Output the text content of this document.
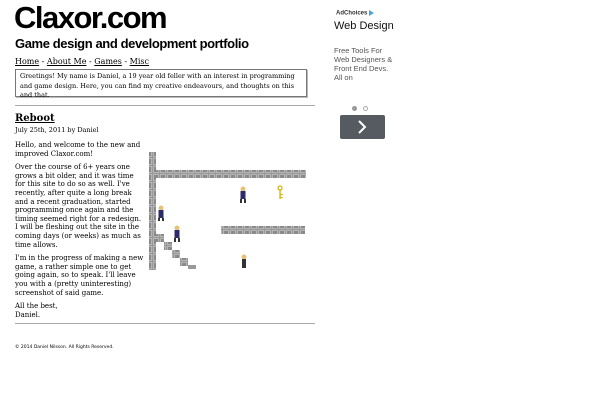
Claxor.com
Game design and development portfolio
Home - About Me - Games - Misc
Greetings! My name is Daniel, a 19 year old feller with an interest in programming and game design. Here, you can find my creative endeavours, and thoughts on this and that.
Reboot
July 25th, 2011 by Daniel

Hello, and welcome to the new and improved Claxor.com!

Over the course of 6+ years one grows a bit older, and it was time for this site to do so as well. I've recently, after quite a long break and a recent graduation, started programming once again and the timing seemed right for a redesign. I will be fleshing out the site in the coming days (or weeks) as much as time allows.

I'm in the progress of making a new game, a rather simple one to get going again, so to speak. I'll leave you with a (pretty uninteresting) screenshot of said game.

All the best,
Daniel.

© 2014 Daniel Nilsson. All Rights Reserved.
AdChoices
Web Design
Free Tools For Web Designers & Front End Devs. All on
